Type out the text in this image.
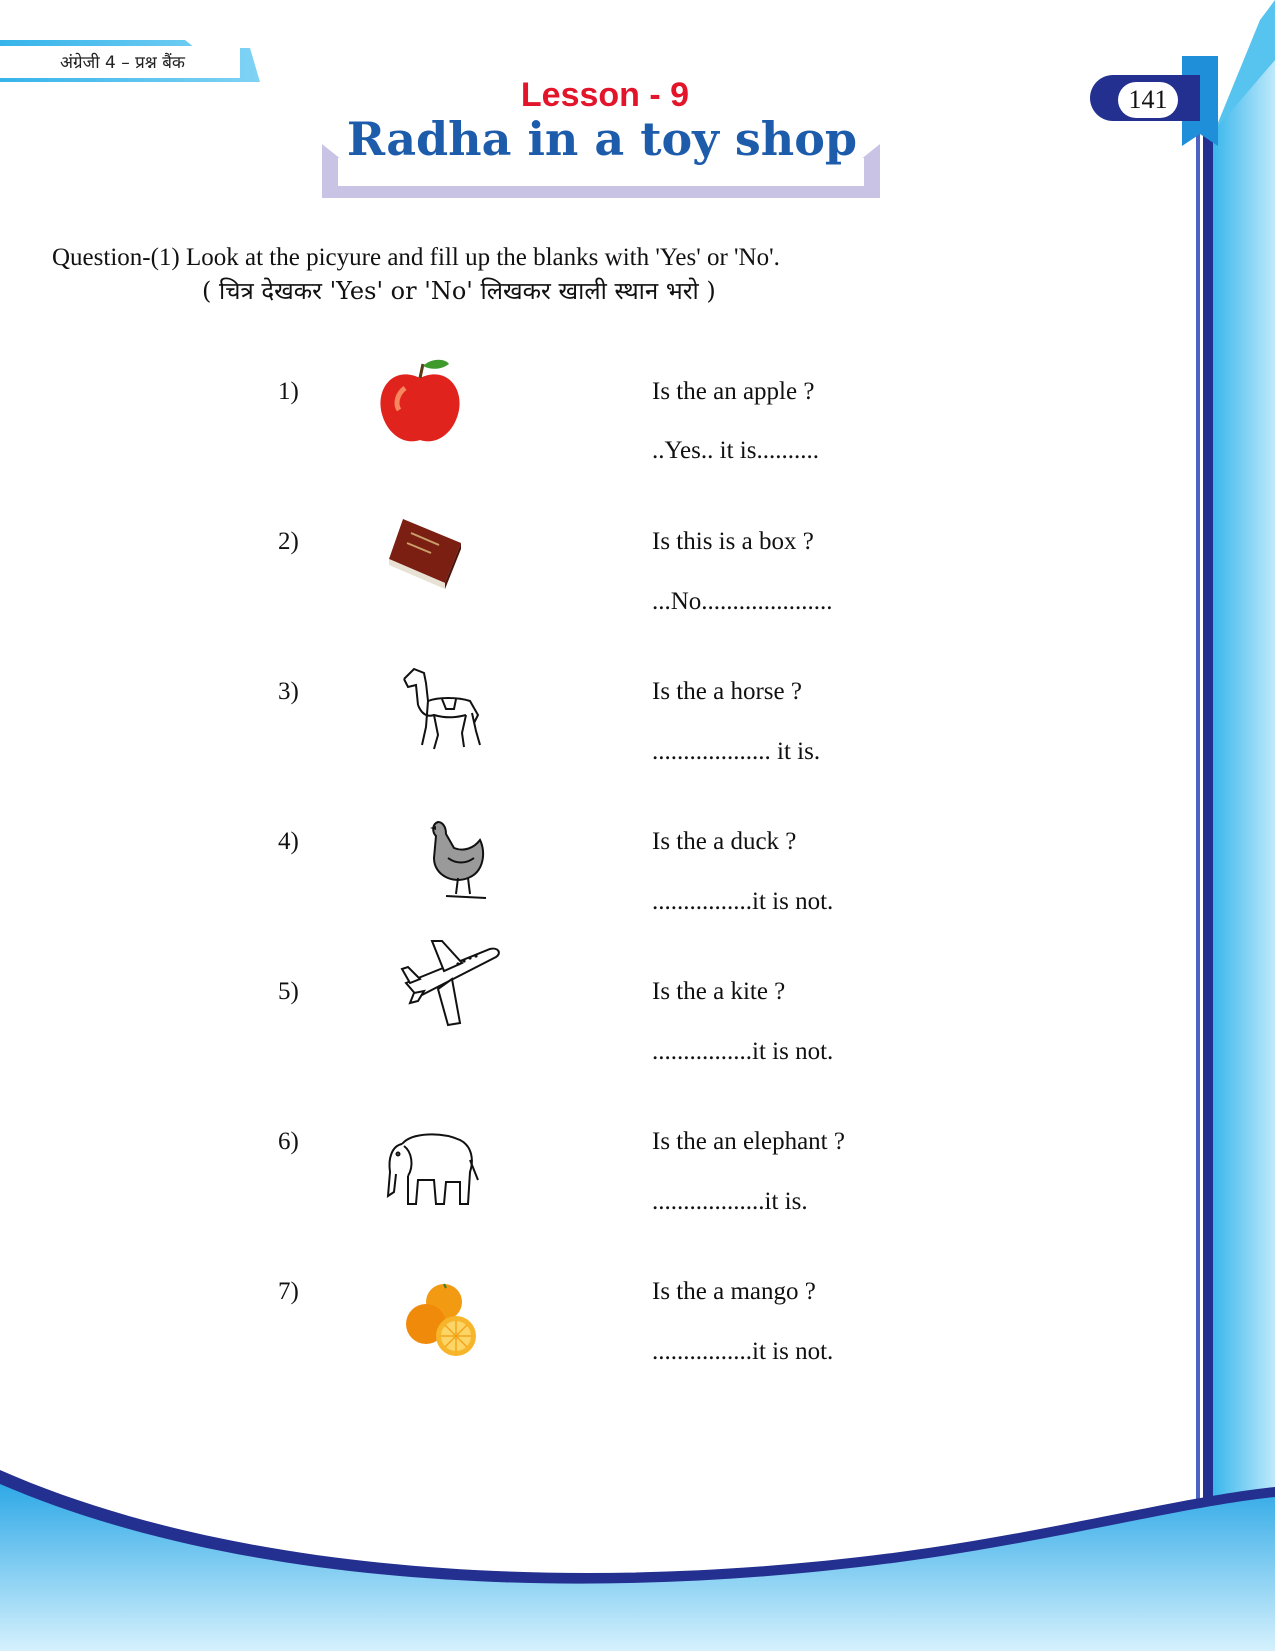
अंग्रेजी 4 – प्रश्न बैंक
Lesson - 9
Radha in a toy shop
141
Question-(1) Look at the picyure and fill up the blanks with 'Yes' or 'No'.
( चित्र देखकर 'Yes' or 'No' लिखकर खाली स्थान भरो )
1)	Is the an apple ?
..Yes.. it is..........
2)	Is this is a box ?
...No.....................
3)	Is the a horse ?
................... it is.
4)	Is the a duck ?
................it is not.
5)	Is the a kite ?
................it is not.
6)	Is the an elephant ?
..................it is.
7)	Is the a mango ?
................it is not.
